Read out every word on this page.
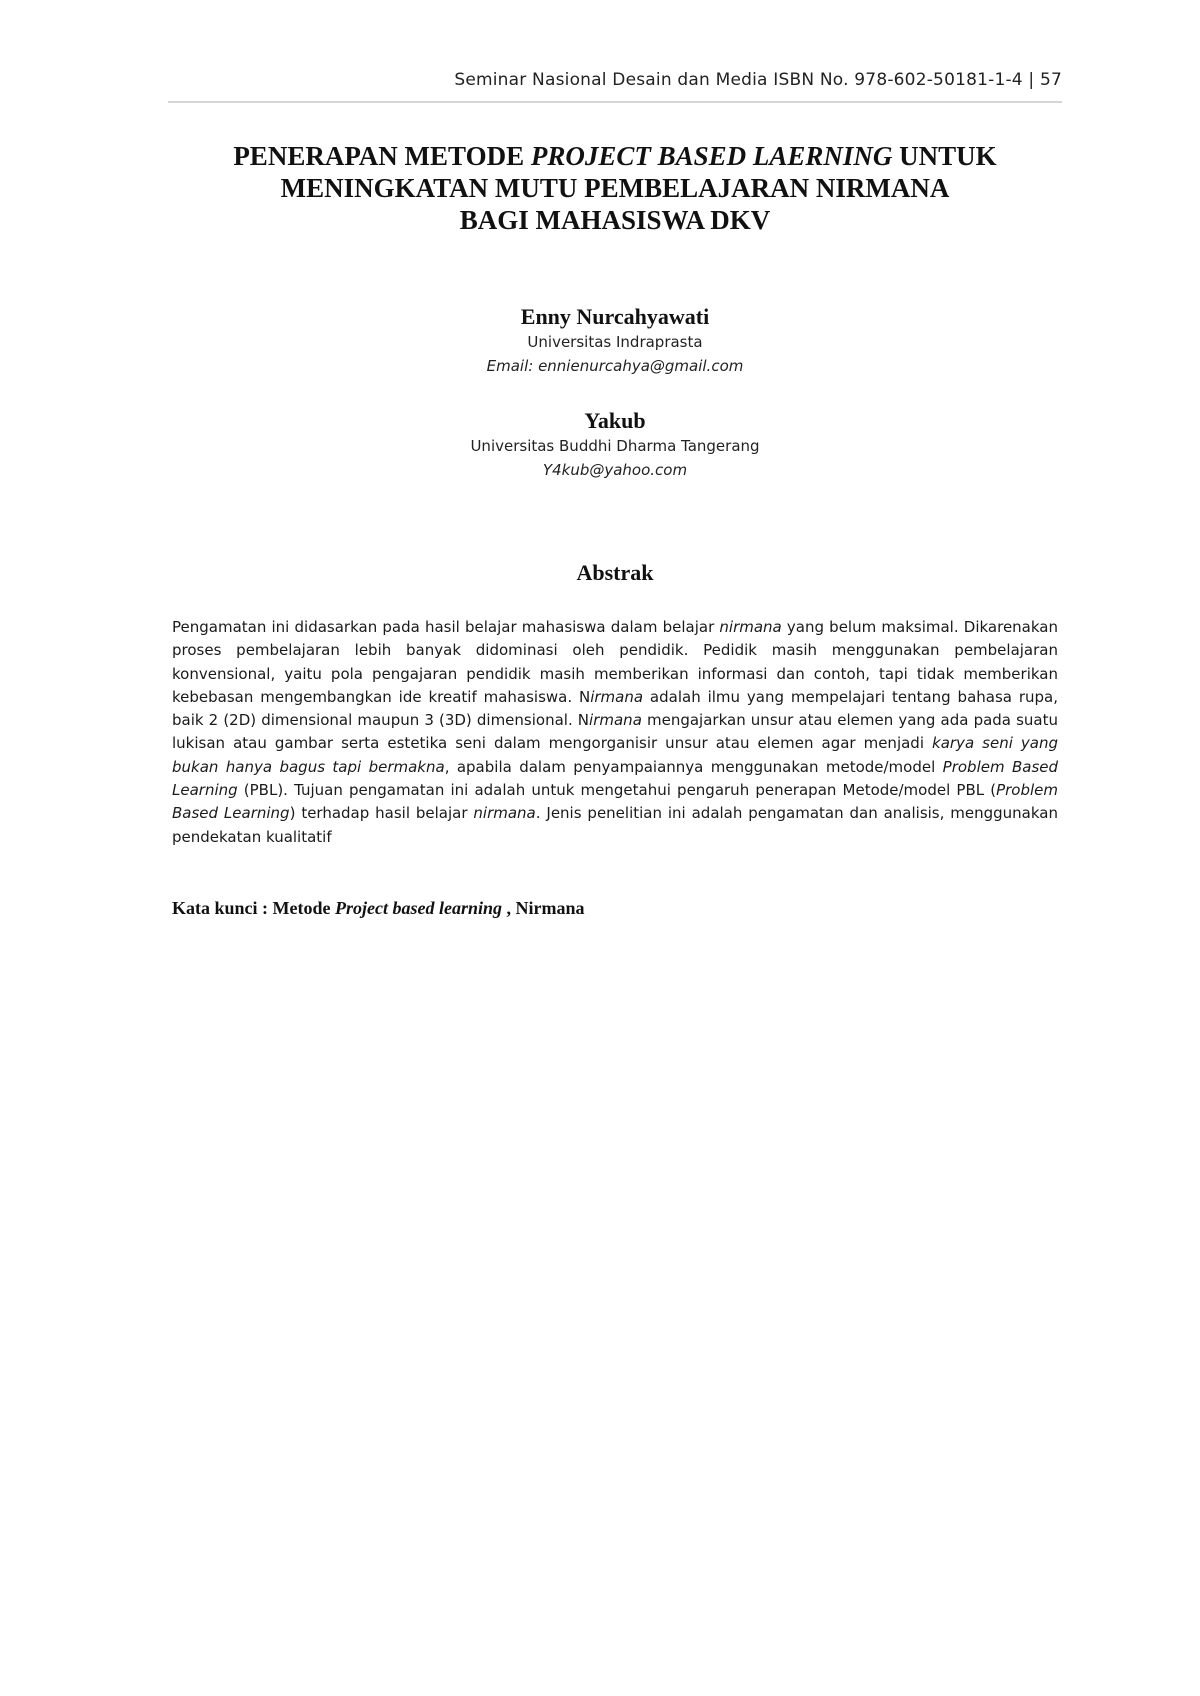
Seminar Nasional Desain dan Media ISBN No. 978-602-50181-1-4 | 57
PENERAPAN METODE PROJECT BASED LAERNING UNTUK
MENINGKATAN MUTU PEMBELAJARAN NIRMANA
BAGI MAHASISWA DKV
Enny Nurcahyawati
Universitas Indraprasta
Email: ennienurcahya@gmail.com
Yakub
Universitas Buddhi Dharma Tangerang
Y4kub@yahoo.com
Abstrak
Pengamatan ini didasarkan pada hasil belajar mahasiswa dalam belajar nirmana yang belum maksimal. Dikarenakan proses pembelajaran lebih banyak didominasi oleh pendidik. Pedidik masih menggunakan pembelajaran konvensional, yaitu pola pengajaran pendidik masih memberikan informasi dan contoh, tapi tidak memberikan kebebasan mengembangkan ide kreatif mahasiswa. Nirmana adalah ilmu yang mempelajari tentang bahasa rupa, baik 2 (2D) dimensional maupun 3 (3D) dimensional. Nirmana mengajarkan unsur atau elemen yang ada pada suatu lukisan atau gambar serta estetika seni dalam mengorganisir unsur atau elemen agar menjadi karya seni yang bukan hanya bagus tapi bermakna, apabila dalam penyampaiannya menggunakan metode/model Problem Based Learning (PBL). Tujuan pengamatan ini adalah untuk mengetahui pengaruh penerapan Metode/model PBL (Problem Based Learning) terhadap hasil belajar nirmana. Jenis penelitian ini adalah pengamatan dan analisis, menggunakan pendekatan kualitatif
Kata kunci : Metode Project based learning , Nirmana
